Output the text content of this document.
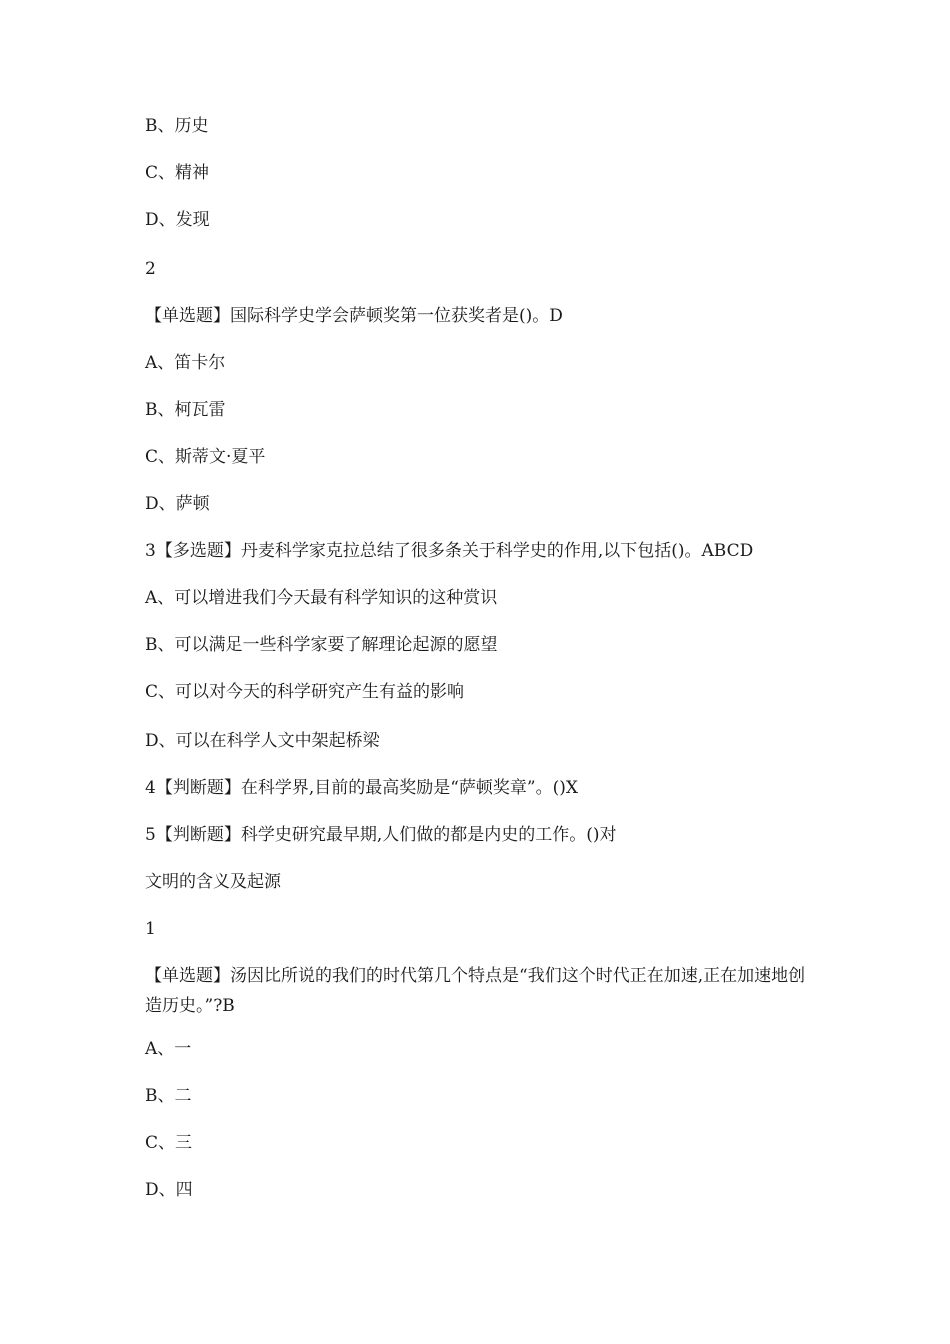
B、历史

C、精神

D、发现

2

【单选题】国际科学史学会萨顿奖第一位获奖者是()。D

A、笛卡尔

B、柯瓦雷

C、斯蒂文·夏平

D、萨顿

3【多选题】丹麦科学家克拉总结了很多条关于科学史的作用,以下包括()。ABCD

A、可以增进我们今天最有科学知识的这种赏识

B、可以满足一些科学家要了解理论起源的愿望

C、可以对今天的科学研究产生有益的影响

D、可以在科学人文中架起桥梁

4【判断题】在科学界,目前的最高奖励是“萨顿奖章”。()X

5【判断题】科学史研究最早期,人们做的都是内史的工作。()对

文明的含义及起源

1

【单选题】汤因比所说的我们的时代第几个特点是“我们这个时代正在加速,正在加速地创造历史。”?B

A、一

B、二

C、三

D、四
